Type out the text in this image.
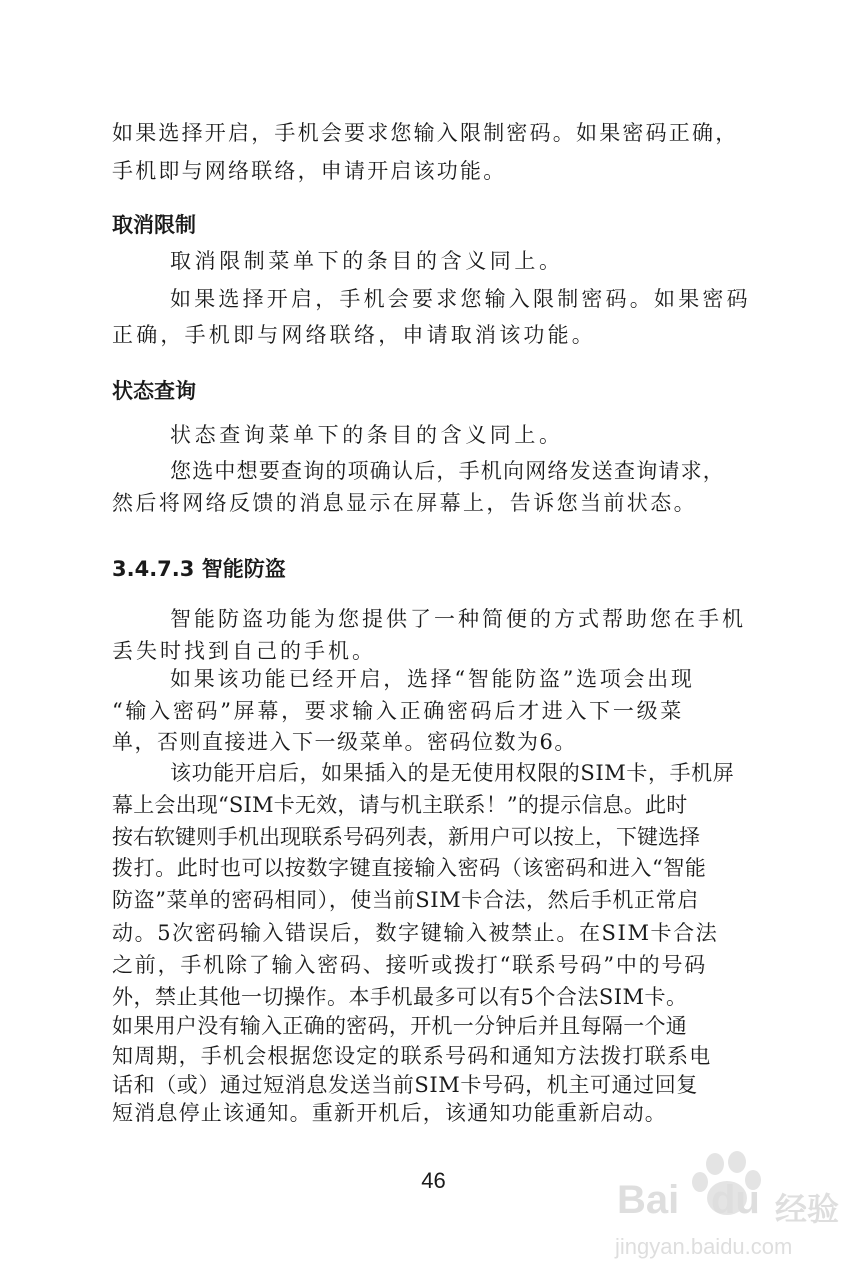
如果选择开启，手机会要求您输入限制密码。如果密码正确，
手机即与网络联络，申请开启该功能。
取消限制
取消限制菜单下的条目的含义同上。
如果选择开启，手机会要求您输入限制密码。如果密码
正确，手机即与网络联络，申请取消该功能。
状态查询
状态查询菜单下的条目的含义同上。
您选中想要查询的项确认后，手机向网络发送查询请求，
然后将网络反馈的消息显示在屏幕上，告诉您当前状态。
3.4.7.3 智能防盗
智能防盗功能为您提供了一种简便的方式帮助您在手机
丢失时找到自己的手机。
如果该功能已经开启，选择“智能防盗”选项会出现
“输入密码”屏幕，要求输入正确密码后才进入下一级菜
单，否则直接进入下一级菜单。密码位数为6。
该功能开启后，如果插入的是无使用权限的SIM卡，手机屏
幕上会出现“SIM卡无效，请与机主联系！”的提示信息。此时
按右软键则手机出现联系号码列表，新用户可以按上，下键选择
拨打。此时也可以按数字键直接输入密码（该密码和进入“智能
防盗”菜单的密码相同），使当前SIM卡合法，然后手机正常启
动。5次密码输入错误后，数字键输入被禁止。在SIM卡合法
之前，手机除了输入密码、接听或拨打“联系号码”中的号码
外，禁止其他一切操作。本手机最多可以有5个合法SIM卡。
如果用户没有输入正确的密码，开机一分钟后并且每隔一个通
知周期，手机会根据您设定的联系号码和通知方法拨打联系电
话和（或）通过短消息发送当前SIM卡号码，机主可通过回复
短消息停止该通知。重新开机后，该通知功能重新启动。
46	Bai du 经验
jingyan.baidu.com
